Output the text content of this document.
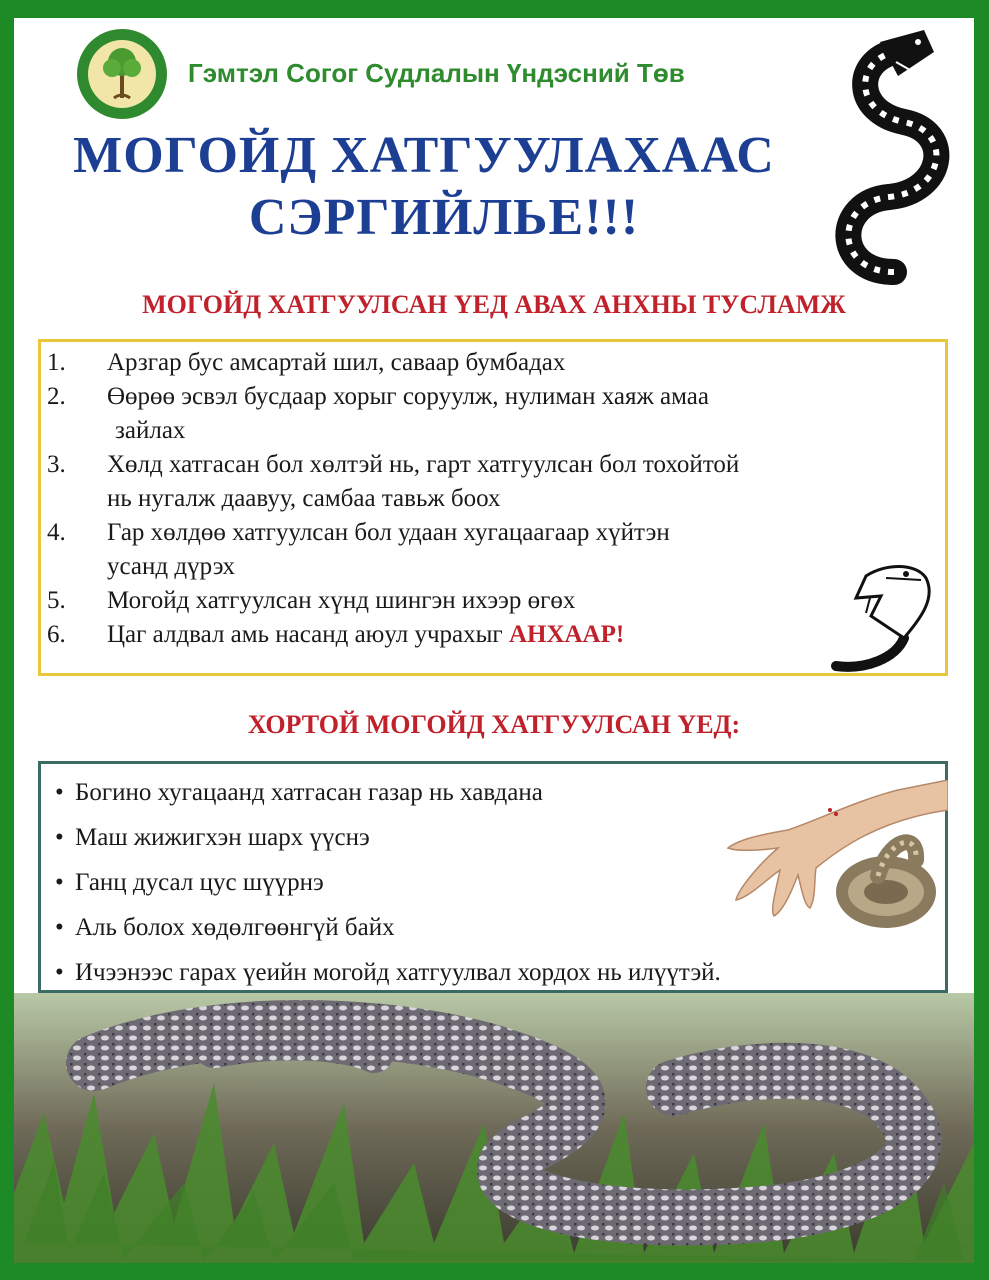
Гэмтэл Согог Судлалын Үндэсний Төв
МОГОЙД ХАТГУУЛАХААС
СЭРГИЙЛЬЕ!!!
МОГОЙД ХАТГУУЛСАН ҮЕД АВАХ АНХНЫ ТУСЛАМЖ
1. Арзгар бус амсартай шил, саваар бумбадах
2. Өөрөө эсвэл бусдаар хорыг соруулж, нулиман хаяж амаа
зайлах
3. Хөлд хатгасан бол хөлтэй нь, гарт хатгуулсан бол тохойтой
нь нугалж даавуу, самбаа тавьж боох
4. Гар хөлдөө хатгуулсан бол удаан хугацаагаар хүйтэн
усанд дүрэх
5. Могойд хатгуулсан хүнд шингэн ихээр өгөх
6. Цаг алдвал амь насанд аюул учрахыг АНХААР!
ХОРТОЙ МОГОЙД ХАТГУУЛСАН ҮЕД:
• Богино хугацаанд хатгасан газар нь хавдана
• Маш жижигхэн шарх үүснэ
• Ганц дусал цус шүүрнэ
• Аль болох хөдөлгөөнгүй байх
• Ичээнээс гарах үеийн могойд хатгуулвал хордох нь илүүтэй.
